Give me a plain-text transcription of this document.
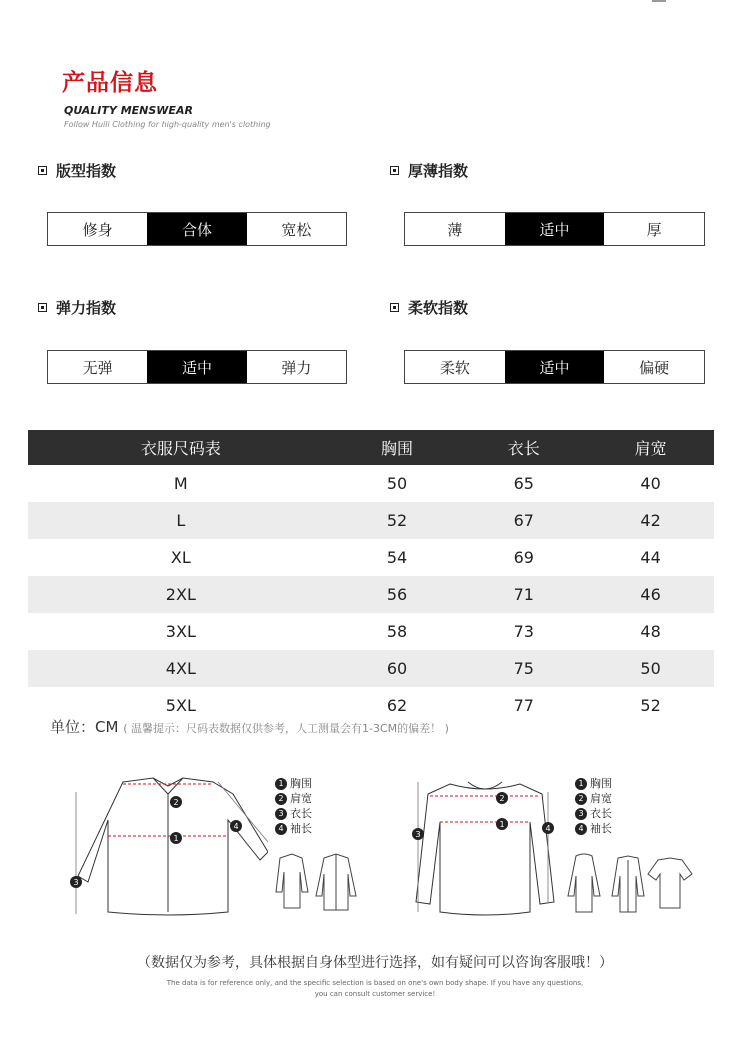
产品信息
QUALITY MENSWEAR
Follow Huili Clothing for high-quality men's clothing
版型指数
修身	合体	宽松
厚薄指数
薄	适中	厚
弹力指数
无弹	适中	弹力
柔软指数
柔软	适中	偏硬
衣服尺码表	胸围	衣长	肩宽
M	50	65	40
L	52	67	42
XL	54	69	44
2XL	56	71	46
3XL	58	73	48
4XL	60	75	50
5XL	62	77	52
单位：CM ( 温馨提示：尺码表数据仅供参考，人工测量会有1-3CM的偏差！ )
1
2
3
4
1 胸围
2 肩宽
3 衣长
4 袖长	1
2
3
4
1 胸围
2 肩宽
3 衣长
4 袖长
（数据仅为参考，具体根据自身体型进行选择，如有疑问可以咨询客服哦！）
The data is for reference only, and the specific selection is based on one's own body shape. If you have any questions,
you can consult customer service!
